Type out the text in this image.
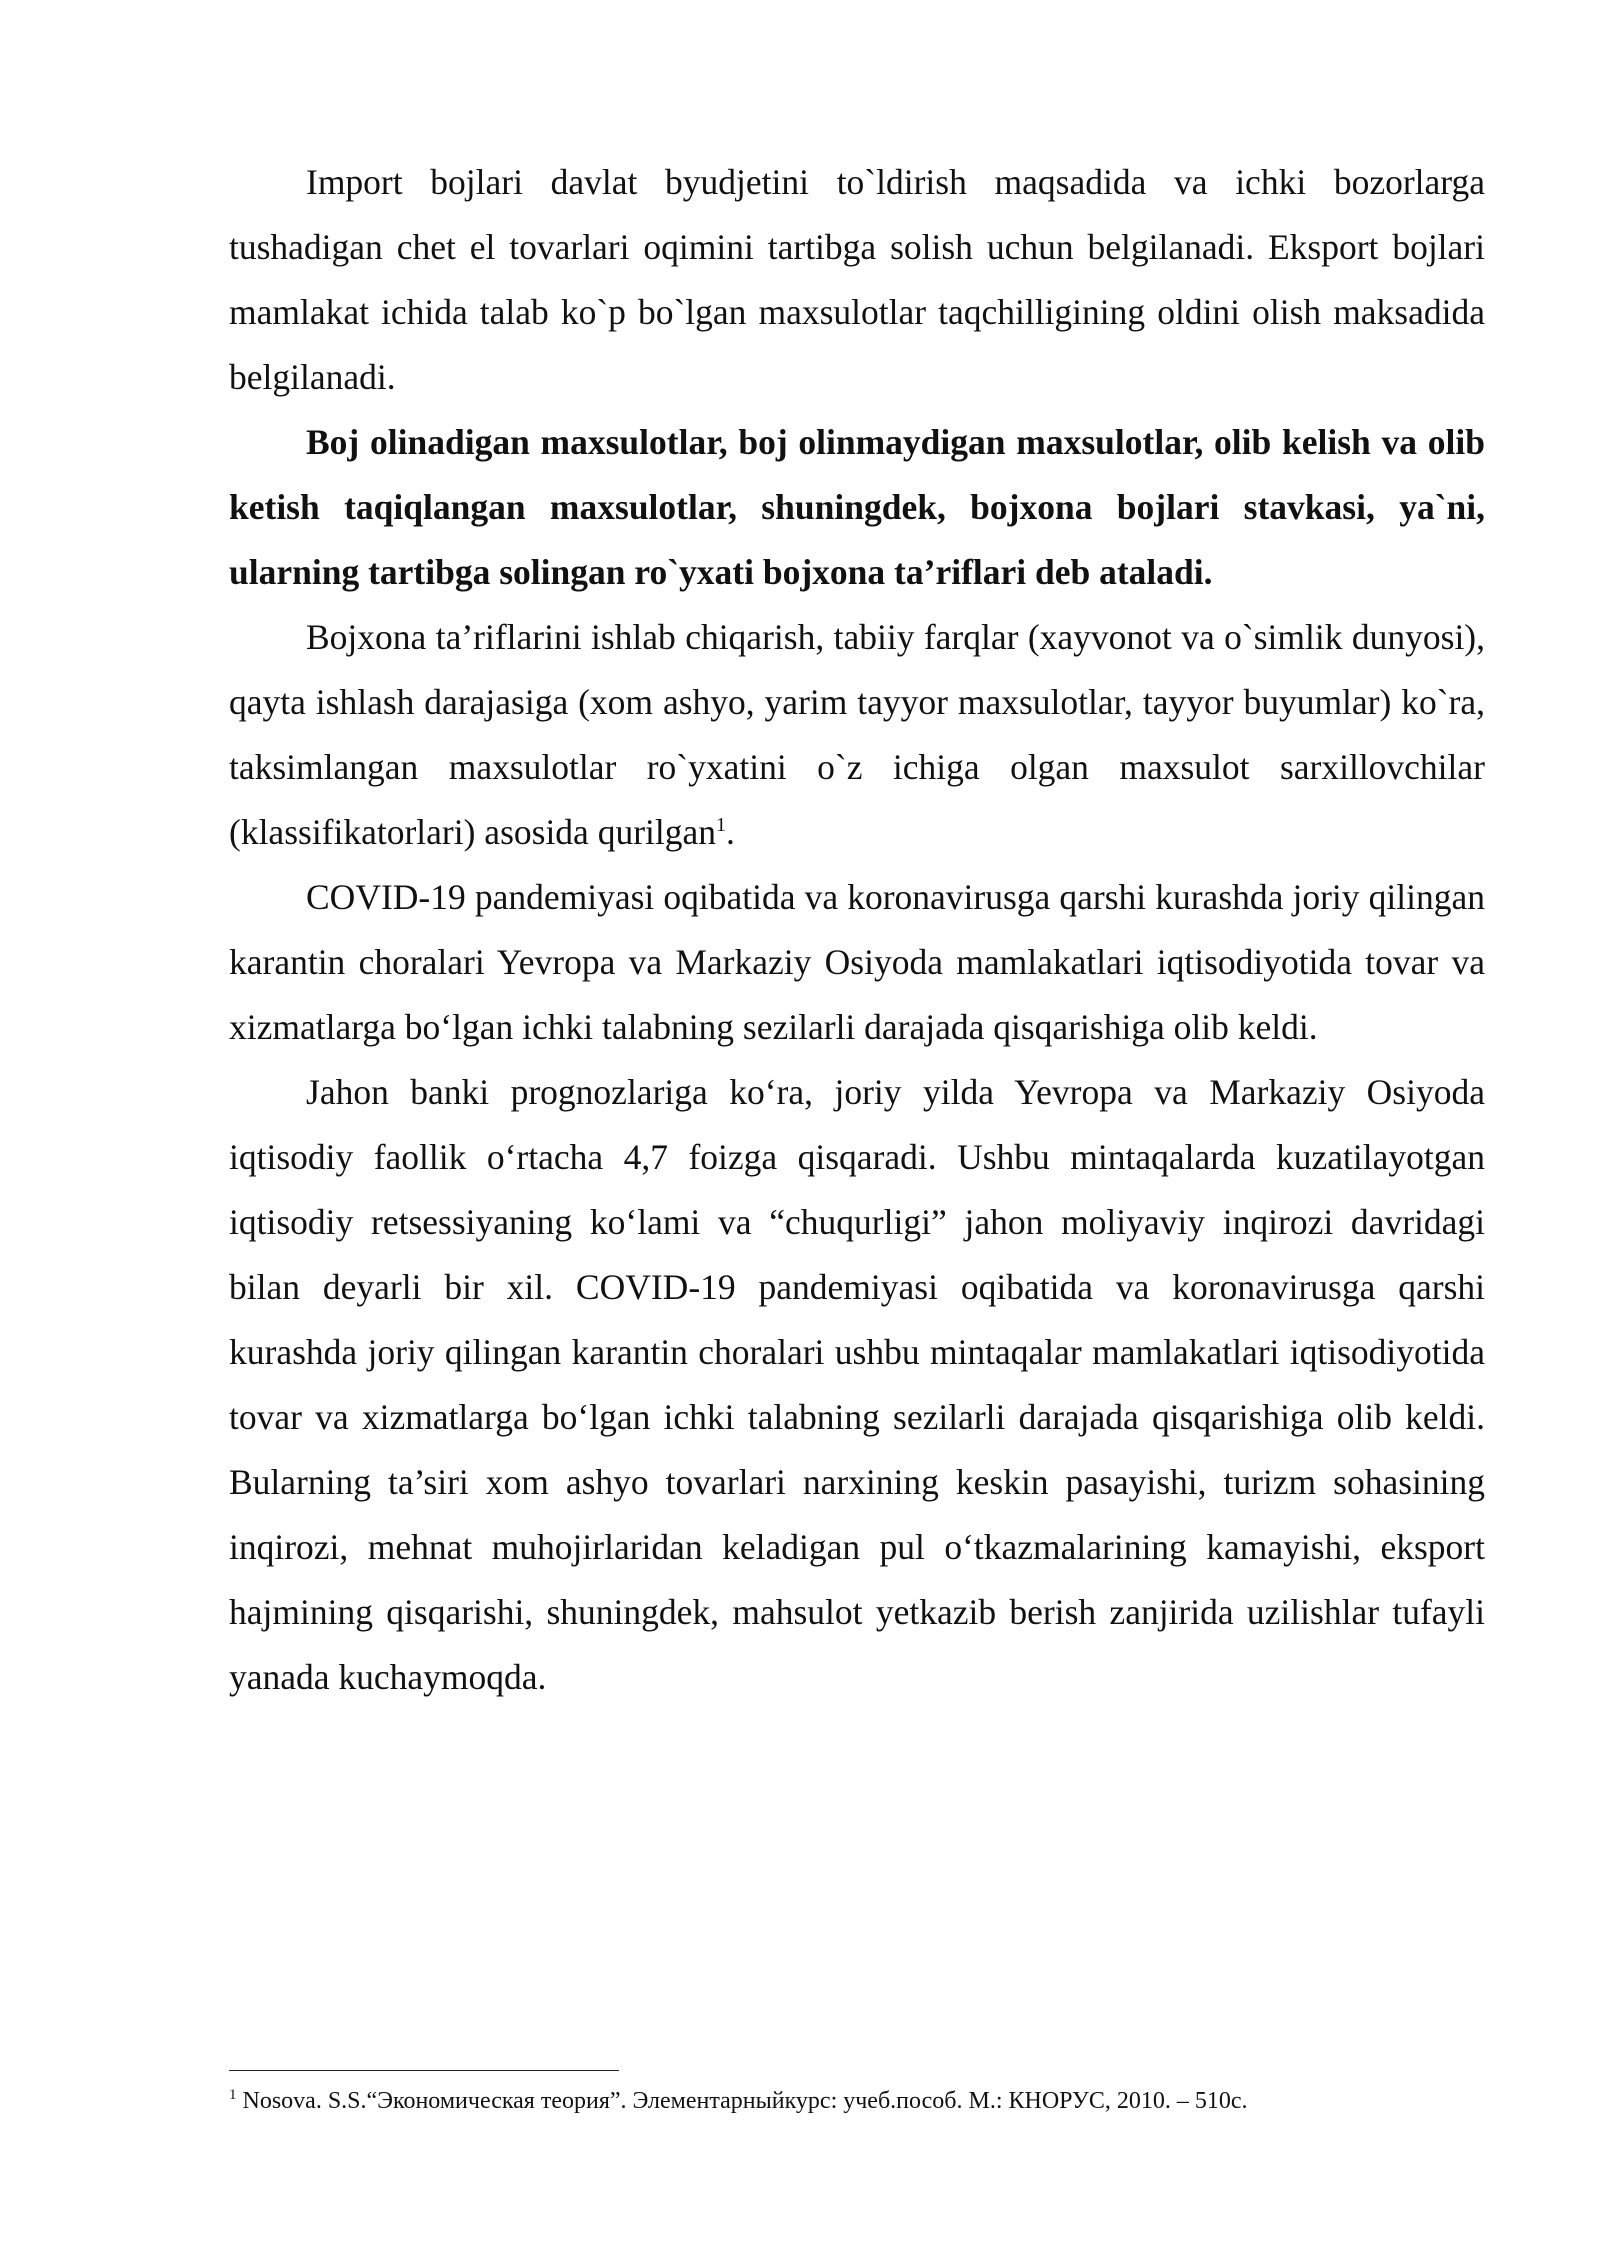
Import bojlari davlat byudjetini to`ldirish maqsadida va ichki bozorlarga tushadigan chet el tovarlari oqimini tartibga solish uchun belgilanadi. Eksport bojlari mamlakat ichida talab ko`p bo`lgan maxsulotlar taqchilligining oldini olish maksadida belgilanadi.

Boj olinadigan maxsulotlar, boj olinmaydigan maxsulotlar, olib kelish va olib ketish taqiqlangan maxsulotlar, shuningdek, bojxona bojlari stavkasi, ya`ni, ularning tartibga solingan ro`yxati bojxona ta’riflari deb ataladi.

Bojxona ta’riflarini ishlab chiqarish, tabiiy farqlar (xayvonot va o`simlik dunyosi), qayta ishlash darajasiga (xom ashyo, yarim tayyor maxsulotlar, tayyor buyumlar) ko`ra, taksimlangan maxsulotlar ro`yxatini o`z ichiga olgan maxsulot sarxillovchilar (klassifikatorlari) asosida qurilgan$^1$.

COVID-19 pandemiyasi oqibatida va koronavirusga qarshi kurashda joriy qilingan karantin choralari Yevropa va Markaziy Osiyoda mamlakatlari iqtisodiyotida tovar va xizmatlarga bo‘lgan ichki talabning sezilarli darajada qisqarishiga olib keldi.

Jahon banki prognozlariga ko‘ra, joriy yilda Yevropa va Markaziy Osiyoda iqtisodiy faollik o‘rtacha 4,7 foizga qisqaradi. Ushbu mintaqalarda kuzatilayotgan iqtisodiy retsessiyaning ko‘lami va “chuqurligi” jahon moliyaviy inqirozi davridagi bilan deyarli bir xil. COVID-19 pandemiyasi oqibatida va koronavirusga qarshi kurashda joriy qilingan karantin choralari ushbu mintaqalar mamlakatlari iqtisodiyotida tovar va xizmatlarga bo‘lgan ichki talabning sezilarli darajada qisqarishiga olib keldi. Bularning ta’siri xom ashyo tovarlari narxining keskin pasayishi, turizm sohasining inqirozi, mehnat muhojirlaridan keladigan pul o‘tkazmalarining kamayishi, eksport hajmining qisqarishi, shuningdek, mahsulot yetkazib berish zanjirida uzilishlar tufayli yanada kuchaymoqda.

$^1$ Nosova. S.S.“Экономическая теория”. Элементарныйкурс: учеб.пособ. М.: КНОРУС, 2010. – 510с.
